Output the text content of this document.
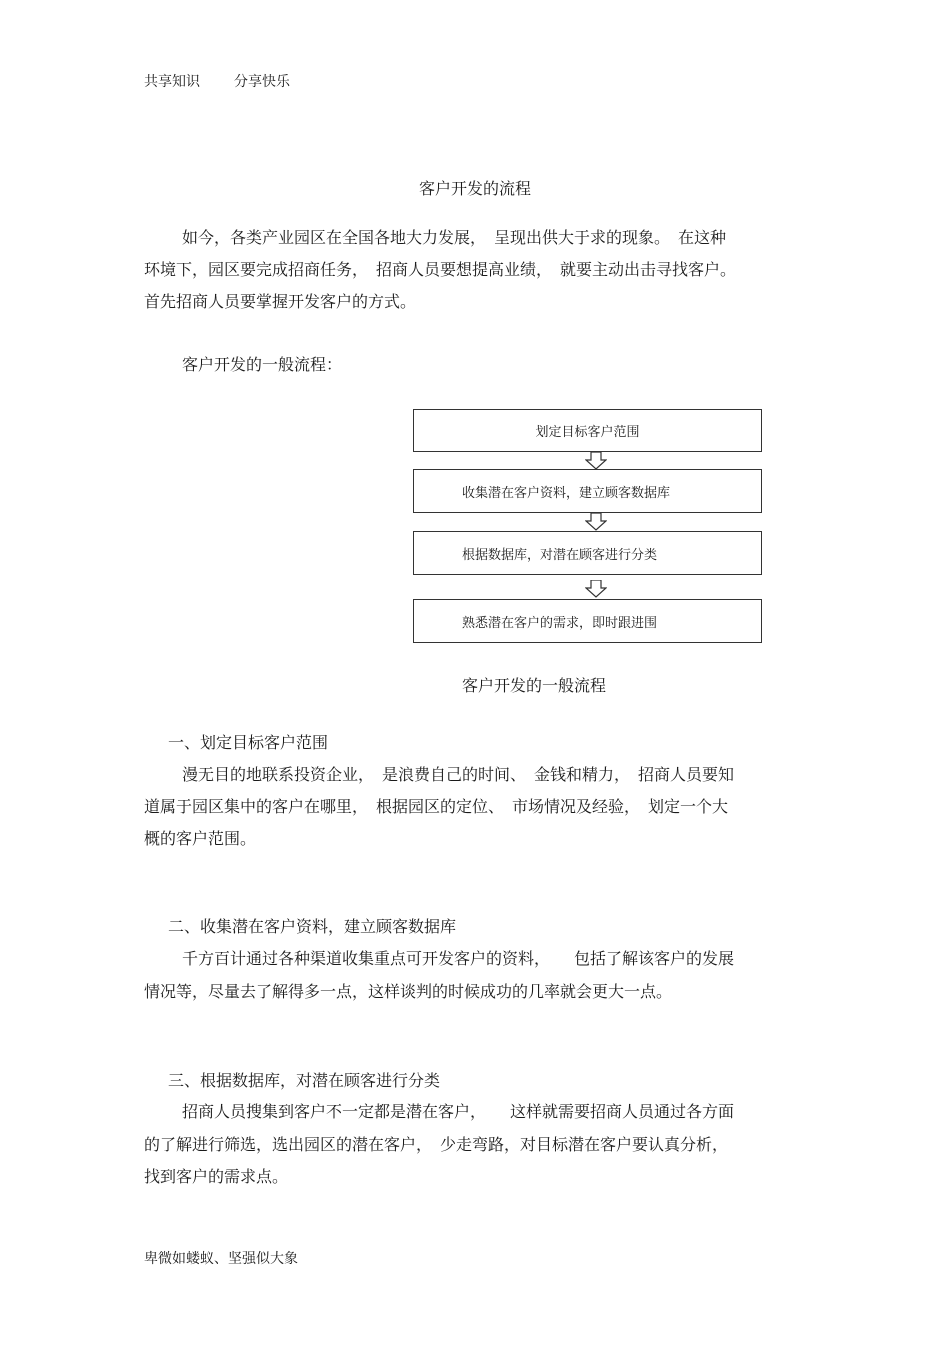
共享知识 分享快乐
客户开发的流程
如今，各类产业园区在全国各地大力发展，　呈现出供大于求的现象。　在这种
环境下，园区要完成招商任务，　招商人员要想提高业绩，　就要主动出击寻找客户。
首先招商人员要掌握开发客户的方式。
客户开发的一般流程：
划定目标客户范围
收集潜在客户资料，建立顾客数据库
根据数据库，对潜在顾客进行分类
熟悉潜在客户的需求，即时跟进围
客户开发的一般流程
一、划定目标客户范围
漫无目的地联系投资企业，　是浪费自己的时间、　金钱和精力，　招商人员要知
道属于园区集中的客户在哪里，　根据园区的定位、　市场情况及经验，　划定一个大
概的客户范围。
二、收集潜在客户资料，建立顾客数据库
千方百计通过各种渠道收集重点可开发客户的资料，　　包括了解该客户的发展
情况等，尽量去了解得多一点，这样谈判的时候成功的几率就会更大一点。
三、根据数据库，对潜在顾客进行分类
招商人员搜集到客户不一定都是潜在客户，　　这样就需要招商人员通过各方面
的了解进行筛选，选出园区的潜在客户，　少走弯路，对目标潜在客户要认真分析，
找到客户的需求点。
卑微如蝼蚁、坚强似大象
